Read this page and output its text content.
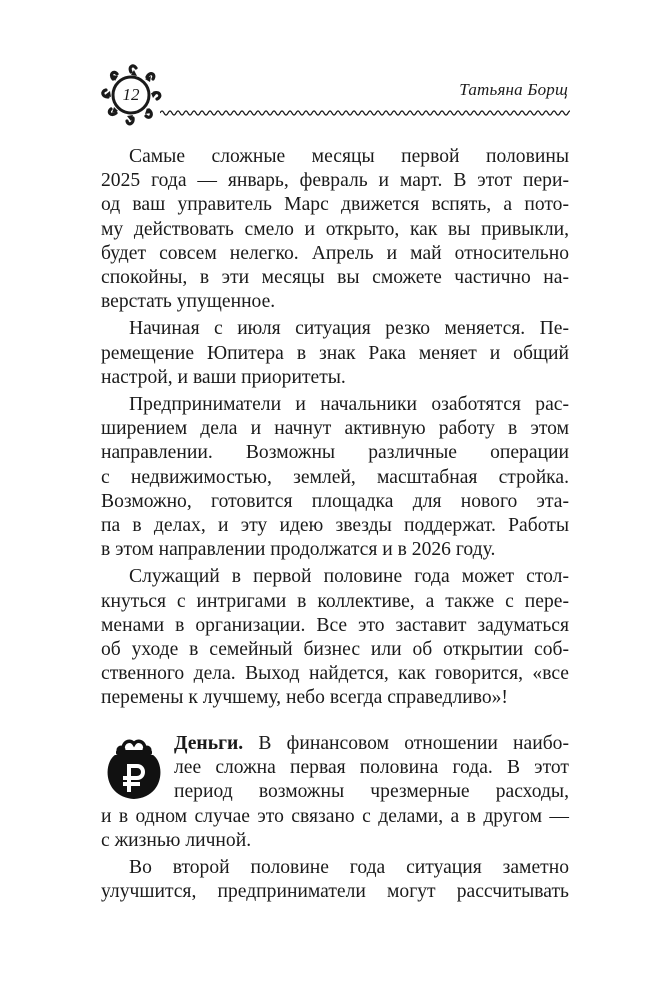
12	Татьяна Борщ

Самые сложные месяцы первой половины
2025 года — январь, февраль и март. В этот пери-
од ваш управитель Марс движется вспять, а пото-
му действовать смело и открыто, как вы привыкли,
будет совсем нелегко. Апрель и май относительно
спокойны, в эти месяцы вы сможете частично на-
верстать упущенное.

Начиная с июля ситуация резко меняется. Пе-
ремещение Юпитера в знак Рака меняет и общий
настрой, и ваши приоритеты.

Предприниматели и начальники озаботятся рас-
ширением дела и начнут активную работу в этом
направлении. Возможны различные операции
с недвижимостью, землей, масштабная стройка.
Возможно, готовится площадка для нового эта-
па в делах, и эту идею звезды поддержат. Работы
в этом направлении продолжатся и в 2026 году.

Служащий в первой половине года может стол-
кнуться с интригами в коллективе, а также с пере-
менами в организации. Все это заставит задуматься
об уходе в семейный бизнес или об открытии соб-
ственного дела. Выход найдется, как говорится, «все
перемены к лучшему, небо всегда справедливо»!

Деньги. В финансовом отношении наибо-
лее сложна первая половина года. В этот
период возможны чрезмерные расходы,
и в одном случае это связано с делами, а в другом —
с жизнью личной.
Во второй половине года ситуация заметно
улучшится, предприниматели могут рассчитывать
